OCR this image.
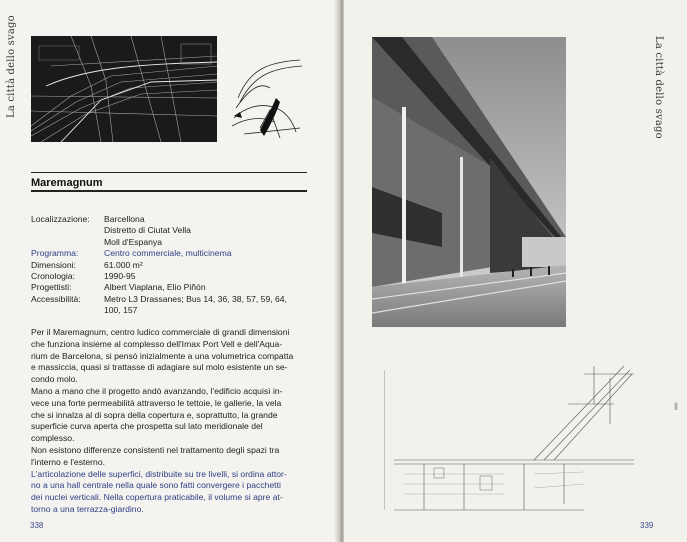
La città dello svago
Maremagnum
Localizzazione:	Barcellona
Distretto di Ciutat Vella
Moll d'Espanya
Programma:	Centro commerciale, multicinema
Dimensioni:	61.000 m²
Cronologia:	1990-95
Progettisti:	Albert Viaplana, Elio Piñón
Accessibilità:	Metro L3 Drassanes; Bus 14, 36, 38, 57, 59, 64,
100, 157

Per il Maremagnum, centro ludico commerciale di grandi dimensioni
che funziona insieme al complesso dell'Imax Port Vell e dell'Aqua-
rium de Barcelona, si pensò inizialmente a una volumetrica compatta
e massiccia, quasi si trattasse di adagiare sul molo esistente un se-
condo molo.

Mano a mano che il progetto andò avanzando, l'edificio acquisì in-
vece una forte permeabilità attraverso le tettoie, le gallerie, la vela
che si innalza al di sopra della copertura e, soprattutto, la grande
superficie curva aperta che prospetta sul lato meridionale del
complesso.

Non esistono differenze consistenti nel trattamento degli spazi tra
l'interno e l'esterno.

L'articolazione delle superfici, distribuite su tre livelli, si ordina attor-
no a una hall centrale nella quale sono fatti convergere i pacchetti
dei nuclei verticali. Nella copertura praticabile, il volume si apre at-
torno a una terrazza-giardino.

338
La città dello svago
339
‖
